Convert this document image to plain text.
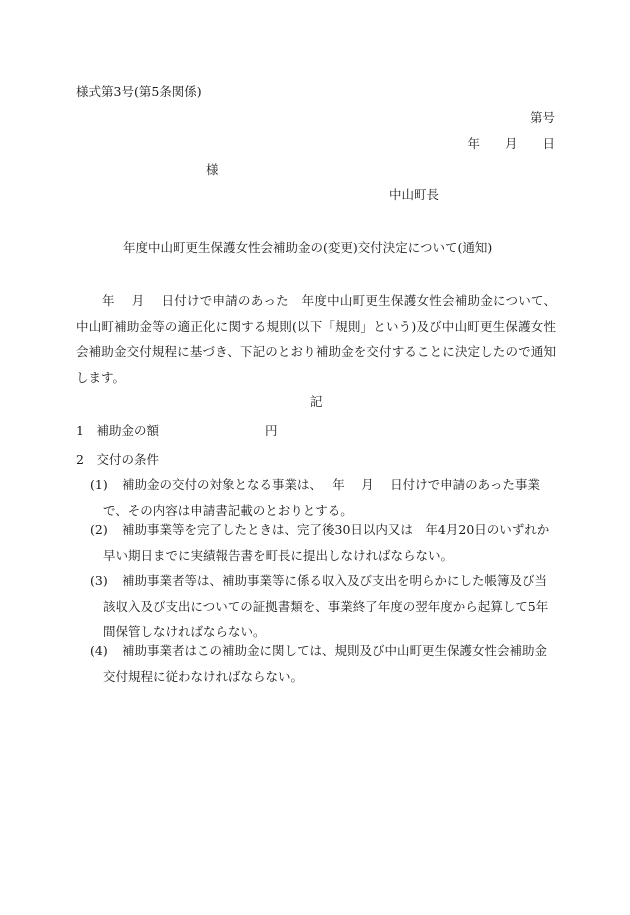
様式第3号(第5条関係)
第号
年　　月　　日
様
中山町長
年度中山町更生保護女性会補助金の(変更)交付決定について(通知)
年　 月　 日付けで申請のあった　年度中山町更生保護女性会補助金について、中山町補助金等の適正化に関する規則(以下「規則」という)及び中山町更生保護女性会補助金交付規程に基づき、下記のとおり補助金を交付することに決定したので通知します。
記
1　補助金の額	円
2　交付の条件
(1)	補助金の交付の対象となる事業は、　 年　 月　 日付けで申請のあった事業で、その内容は申請書記載のとおりとする。
(2)	補助事業等を完了したときは、完了後30日以内又は　年4月20日のいずれか早い期日までに実績報告書を町長に提出しなければならない。
(3)	補助事業者等は、補助事業等に係る収入及び支出を明らかにした帳簿及び当該収入及び支出についての証拠書類を、事業終了年度の翌年度から起算して5年間保管しなければならない。
(4)	補助事業者はこの補助金に関しては、規則及び中山町更生保護女性会補助金交付規程に従わなければならない。
